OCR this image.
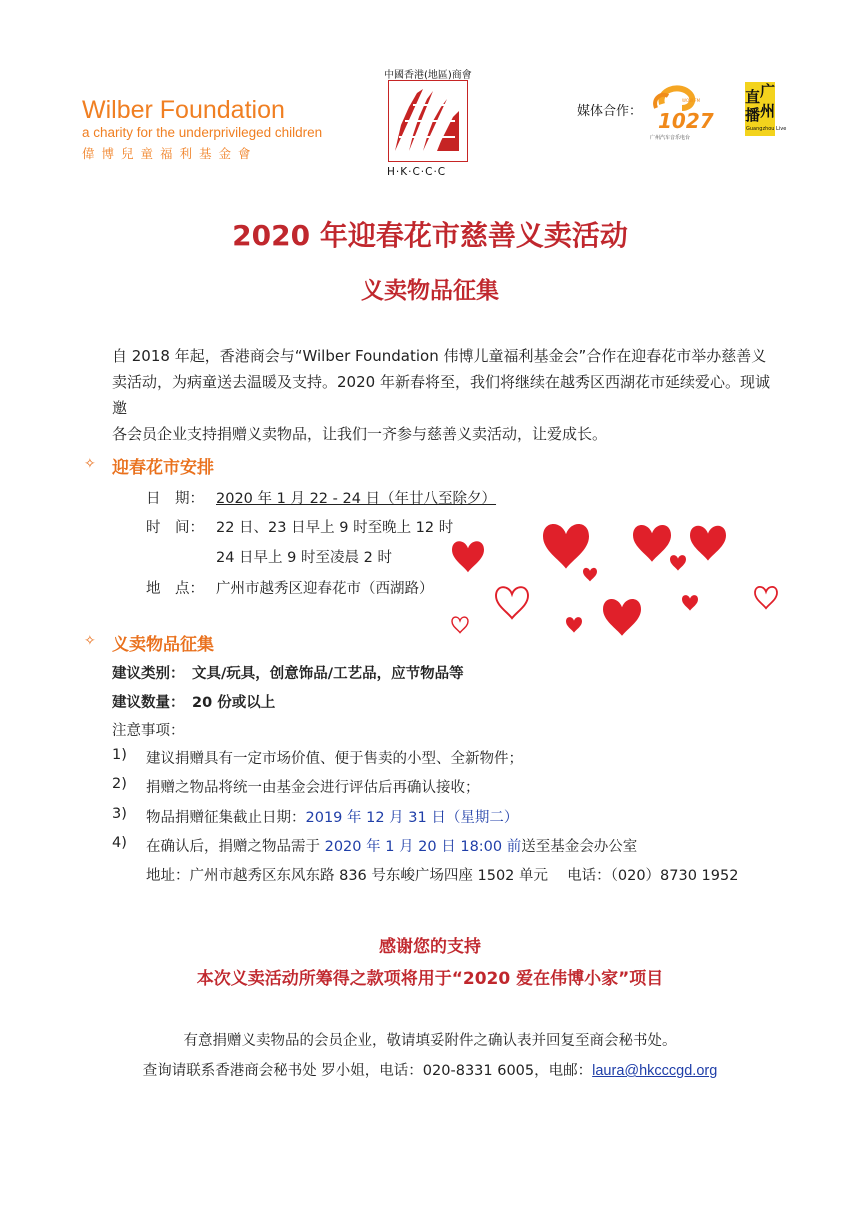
Wilber Foundation
a charity for the underprivileged children
偉博兒童福利基金會
中國香港(地區)商會
H·K·C·C·C
媒体合作：
WOW FM
1027
广州汽车音乐电台
直 广
播 州
Guangzhou Live
2020 年迎春花市慈善义卖活动
义卖物品征集
自 2018 年起，香港商会与“Wilber Foundation 伟博儿童福利基金会”合作在迎春花市举办慈善义
卖活动，为病童送去温暖及支持。2020 年新春将至，我们将继续在越秀区西湖花市延续爱心。现诚邀
各会员企业支持捐赠义卖物品，让我们一齐参与慈善义卖活动，让爱成长。
✧ 迎春花市安排
日　期： 2020 年 1 月 22 - 24 日（年廿八至除夕）
时　间： 22 日、23 日早上 9 时至晚上 12 时
24 日早上 9 时至凌晨 2 时
地　点： 广州市越秀区迎春花市（西湖路）
✧ 义卖物品征集
建议类别： 文具/玩具，创意饰品/工艺品，应节物品等
建议数量： 20 份或以上
注意事项：
1) 建议捐赠具有一定市场价值、便于售卖的小型、全新物件；
2) 捐赠之物品将统一由基金会进行评估后再确认接收；
3) 物品捐赠征集截止日期：2019 年 12 月 31 日（星期二）
4) 在确认后，捐赠之物品需于 2020 年 1 月 20 日 18:00 前送至基金会办公室
地址：广州市越秀区东风东路 836 号东峻广场四座 1502 单元　 电话：（020）8730 1952
感谢您的支持
本次义卖活动所筹得之款项将用于“2020 爱在伟博小家”项目
有意捐赠义卖物品的会员企业，敬请填妥附件之确认表并回复至商会秘书处。
查询请联系香港商会秘书处 罗小姐，电话：020-8331 6005，电邮：laura@hkcccgd.org
